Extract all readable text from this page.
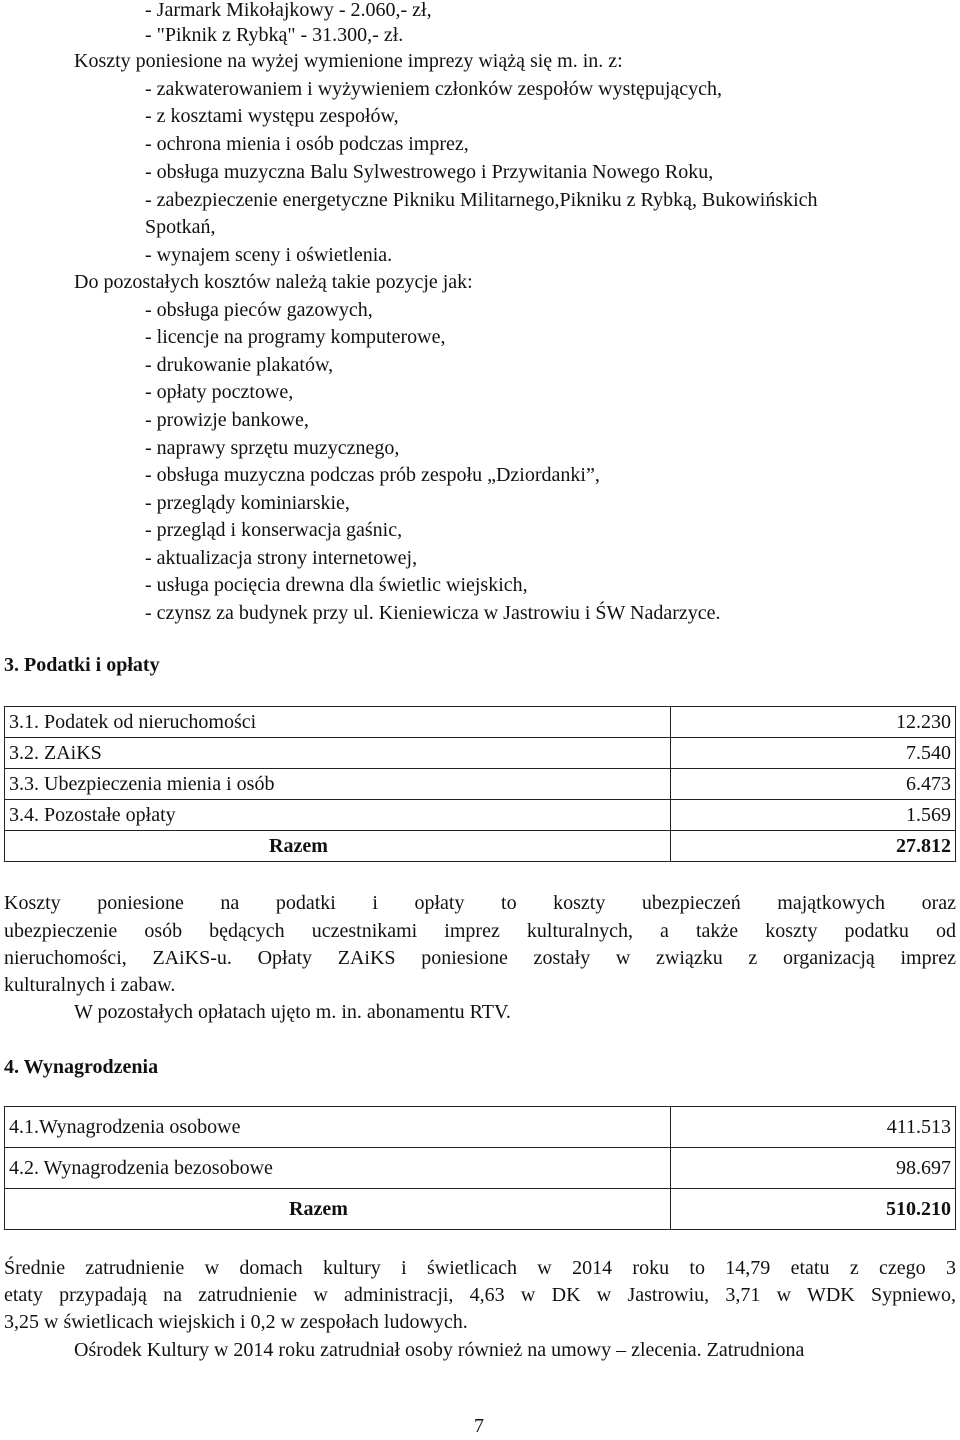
- Jarmark Mikołajkowy - 2.060,- zł,
- "Piknik z Rybką" - 31.300,- zł.
Koszty poniesione na wyżej wymienione imprezy wiążą się m. in. z:
- zakwaterowaniem i wyżywieniem członków zespołów występujących,
- z kosztami występu zespołów,
- ochrona mienia i osób podczas imprez,
- obsługa muzyczna Balu Sylwestrowego i Przywitania Nowego Roku,
- zabezpieczenie energetyczne Pikniku Militarnego,Pikniku z Rybką, Bukowińskich
Spotkań,
- wynajem sceny i oświetlenia.
Do pozostałych kosztów należą takie pozycje jak:
- obsługa pieców gazowych,
- licencje na programy komputerowe,
- drukowanie plakatów,
- opłaty pocztowe,
- prowizje bankowe,
- naprawy sprzętu muzycznego,
- obsługa muzyczna podczas prób zespołu „Dziordanki”,
- przeglądy kominiarskie,
- przegląd i konserwacja gaśnic,
- aktualizacja strony internetowej,
- usługa pocięcia drewna dla świetlic wiejskich,
- czynsz za budynek przy ul. Kieniewicza w Jastrowiu i ŚW Nadarzyce.
3. Podatki i opłaty
3.1. Podatek od nieruchomości	12.230
3.2. ZAiKS	7.540
3.3. Ubezpieczenia mienia i osób	6.473
3.4. Pozostałe opłaty	1.569
Razem	27.812
Koszty poniesione na podatki i opłaty to koszty ubezpieczeń majątkowych oraz
ubezpieczenie osób będących uczestnikami imprez kulturalnych, a także koszty podatku od
nieruchomości, ZAiKS-u. Opłaty ZAiKS poniesione zostały w związku z organizacją imprez
kulturalnych i zabaw.
W pozostałych opłatach ujęto m. in. abonamentu RTV.
4. Wynagrodzenia
4.1.Wynagrodzenia osobowe	411.513
4.2. Wynagrodzenia bezosobowe	98.697
Razem	510.210
Średnie zatrudnienie w domach kultury i świetlicach w 2014 roku to 14,79 etatu z czego 3
etaty przypadają na zatrudnienie w administracji, 4,63 w DK w Jastrowiu, 3,71 w WDK Sypniewo,
3,25 w świetlicach wiejskich i 0,2 w zespołach ludowych.
Ośrodek Kultury w 2014 roku zatrudniał osoby również na umowy – zlecenia. Zatrudniona
7
